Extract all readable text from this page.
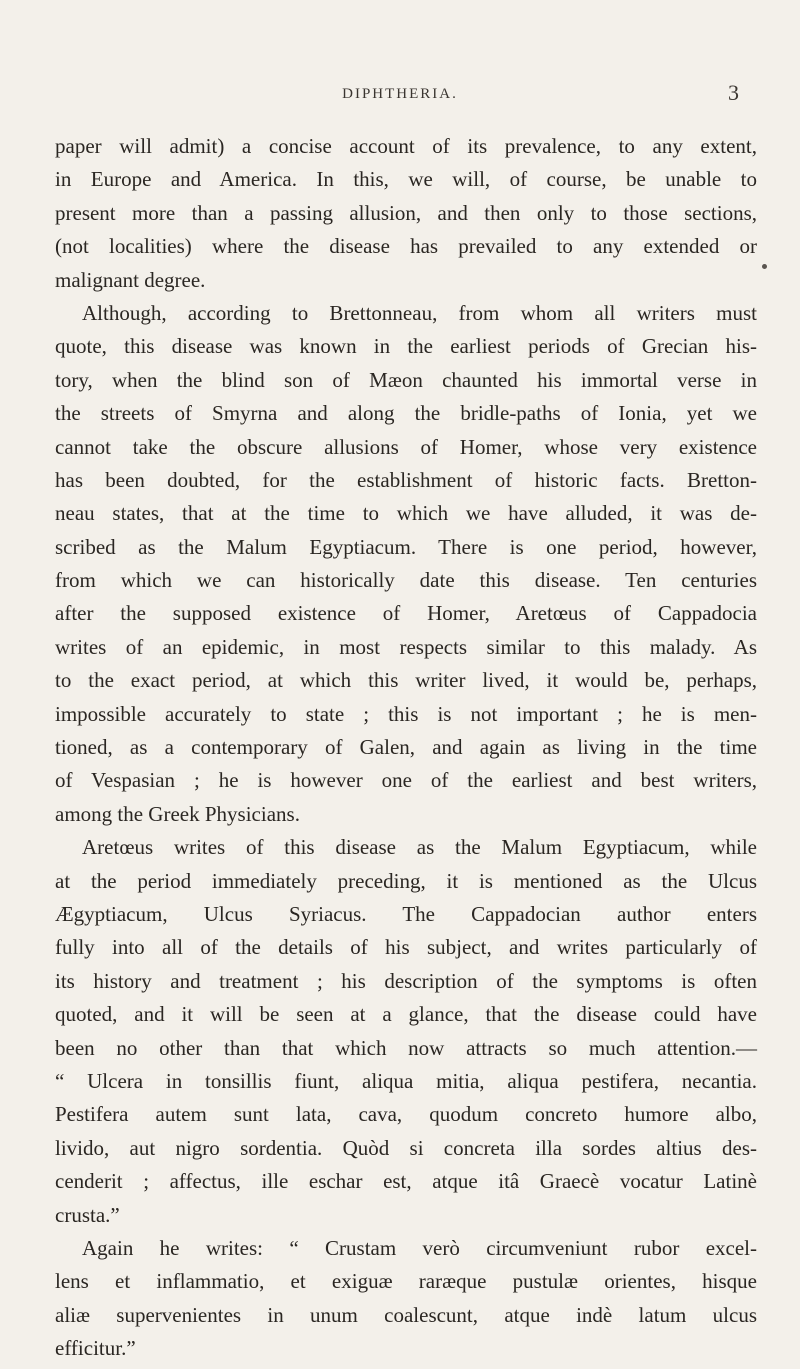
DIPHTHERIA.	3
paper will admit) a concise account of its prevalence, to any extent,
in Europe and America. In this, we will, of course, be unable to
present more than a passing allusion, and then only to those sections,
(not localities) where the disease has prevailed to any extended or
malignant degree.
Although, according to Brettonneau, from whom all writers must
quote, this disease was known in the earliest periods of Grecian his-
tory, when the blind son of Mæon chaunted his immortal verse in
the streets of Smyrna and along the bridle-paths of Ionia, yet we
cannot take the obscure allusions of Homer, whose very existence
has been doubted, for the establishment of historic facts. Bretton-
neau states, that at the time to which we have alluded, it was de-
scribed as the Malum Egyptiacum. There is one period, however,
from which we can historically date this disease. Ten centuries
after the supposed existence of Homer, Aretœus of Cappadocia
writes of an epidemic, in most respects similar to this malady. As
to the exact period, at which this writer lived, it would be, perhaps,
impossible accurately to state ; this is not important ; he is men-
tioned, as a contemporary of Galen, and again as living in the time
of Vespasian ; he is however one of the earliest and best writers,
among the Greek Physicians.
Aretœus writes of this disease as the Malum Egyptiacum, while
at the period immediately preceding, it is mentioned as the Ulcus
Ægyptiacum, Ulcus Syriacus. The Cappadocian author enters
fully into all of the details of his subject, and writes particularly of
its history and treatment ; his description of the symptoms is often
quoted, and it will be seen at a glance, that the disease could have
been no other than that which now attracts so much attention.—
“ Ulcera in tonsillis fiunt, aliqua mitia, aliqua pestifera, necantia.
Pestifera autem sunt lata, cava, quodum concreto humore albo,
livido, aut nigro sordentia. Quòd si concreta illa sordes altius des-
cenderit ; affectus, ille eschar est, atque itâ Graecè vocatur Latinè
crusta.”
Again he writes: “ Crustam verò circumveniunt rubor excel-
lens et inflammatio, et exiguæ raræque pustulæ orientes, hisque
aliæ supervenientes in unum coalescunt, atque indè latum ulcus
efficitur.”
